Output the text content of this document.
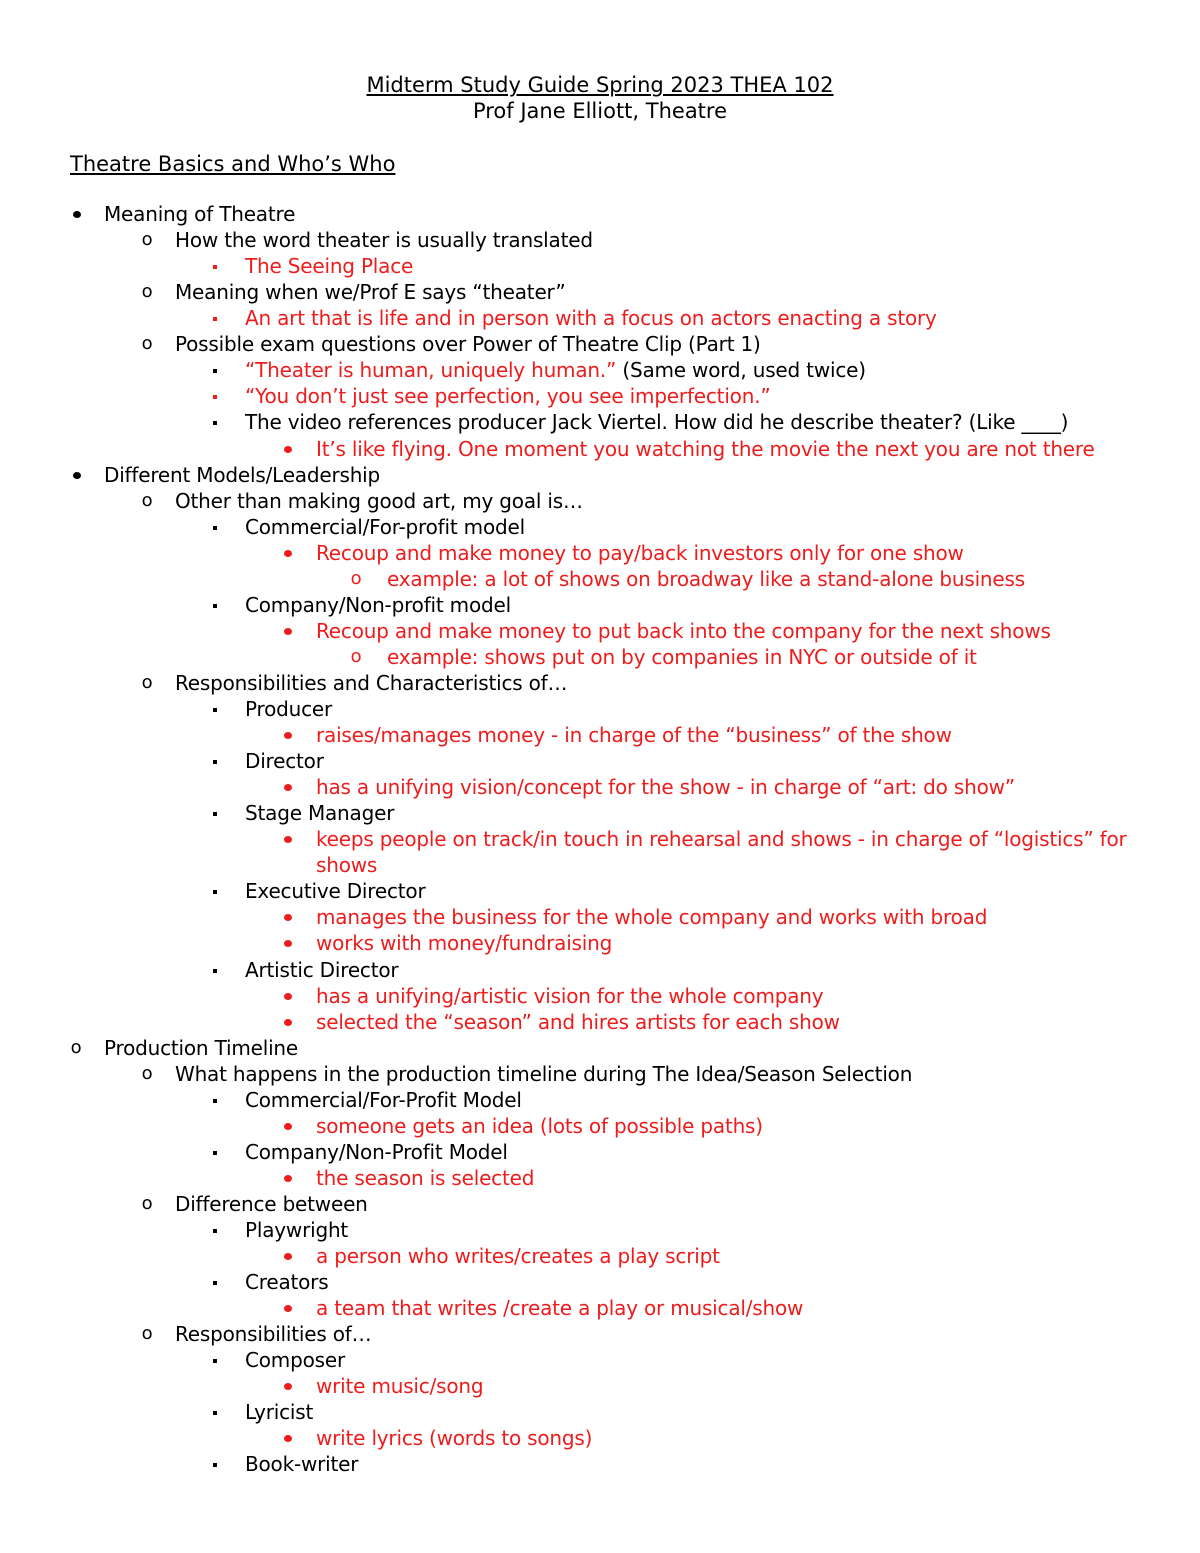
Midterm Study Guide Spring 2023 THEA 102
Prof Jane Elliott, Theatre
Theatre Basics and Who’s Who
Meaning of Theatre
o How the word theater is usually translated
The Seeing Place
o Meaning when we/Prof E says “theater”
An art that is life and in person with a focus on actors enacting a story
o Possible exam questions over Power of Theatre Clip (Part 1)
“Theater is human, uniquely human.” (Same word, used twice)
“You don’t just see perfection, you see imperfection.”
The video references producer Jack Viertel. How did he describe theater? (Like ____)
It’s like flying. One moment you watching the movie the next you are not there
Different Models/Leadership
o Other than making good art, my goal is…
Commercial/For-profit model
Recoup and make money to pay/back investors only for one show
o example: a lot of shows on broadway like a stand-alone business
Company/Non-profit model
Recoup and make money to put back into the company for the next shows
o example: shows put on by companies in NYC or outside of it
o Responsibilities and Characteristics of…
Producer
raises/manages money - in charge of the “business” of the show
Director
has a unifying vision/concept for the show - in charge of “art: do show”
Stage Manager
keeps people on track/in touch in rehearsal and shows - in charge of “logistics” for
shows
Executive Director
manages the business for the whole company and works with broad
works with money/fundraising
Artistic Director
has a unifying/artistic vision for the whole company
selected the “season” and hires artists for each show
o Production Timeline
o What happens in the production timeline during The Idea/Season Selection
Commercial/For-Profit Model
someone gets an idea (lots of possible paths)
Company/Non-Profit Model
the season is selected
o Difference between
Playwright
a person who writes/creates a play script
Creators
a team that writes /create a play or musical/show
o Responsibilities of…
Composer
write music/song
Lyricist
write lyrics (words to songs)
Book-writer
